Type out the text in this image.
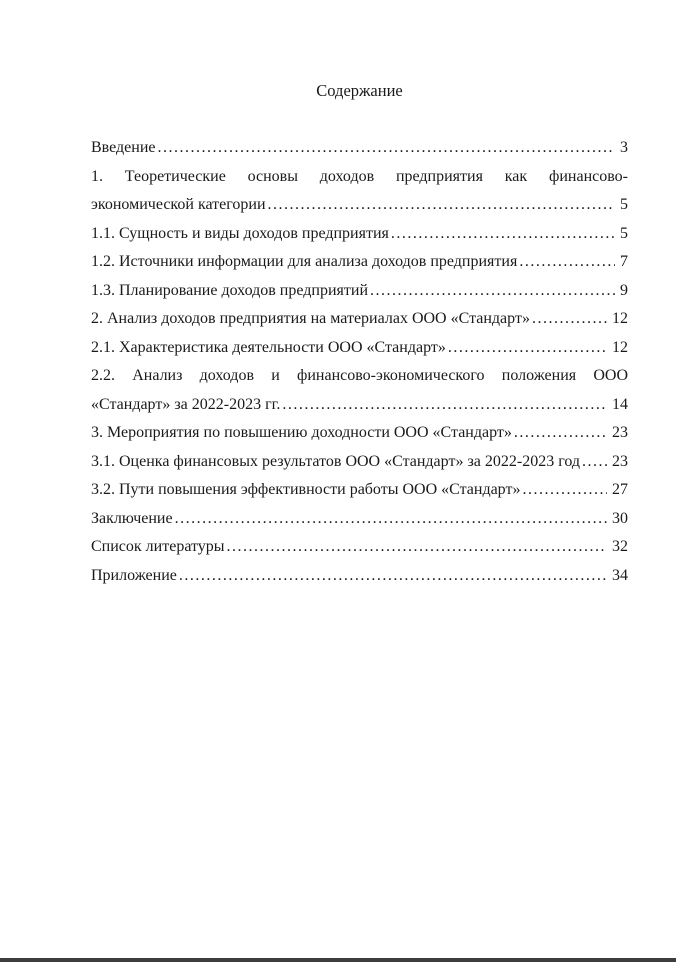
Содержание
Введение .....	3
1. Теоретические основы доходов предприятия как финансово-
экономической категории .....	5
1.1. Сущность и виды доходов предприятия .....	5
1.2. Источники информации для анализа доходов предприятия .....	7
1.3. Планирование доходов предприятий .....	9
2. Анализ доходов предприятия на материалах ООО «Стандарт» .....	12
2.1. Характеристика деятельности ООО «Стандарт» .....	12
2.2. Анализ доходов и финансово-экономического положения ООО
«Стандарт» за 2022-2023 гг. .....	14
3. Мероприятия по повышению доходности ООО «Стандарт» .....	23
3.1. Оценка финансовых результатов ООО «Стандарт» за 2022-2023 год ..... 23
3.2. Пути повышения эффективности работы ООО «Стандарт» .....	27
Заключение .....	30
Список литературы .....	32
Приложение .....	34
